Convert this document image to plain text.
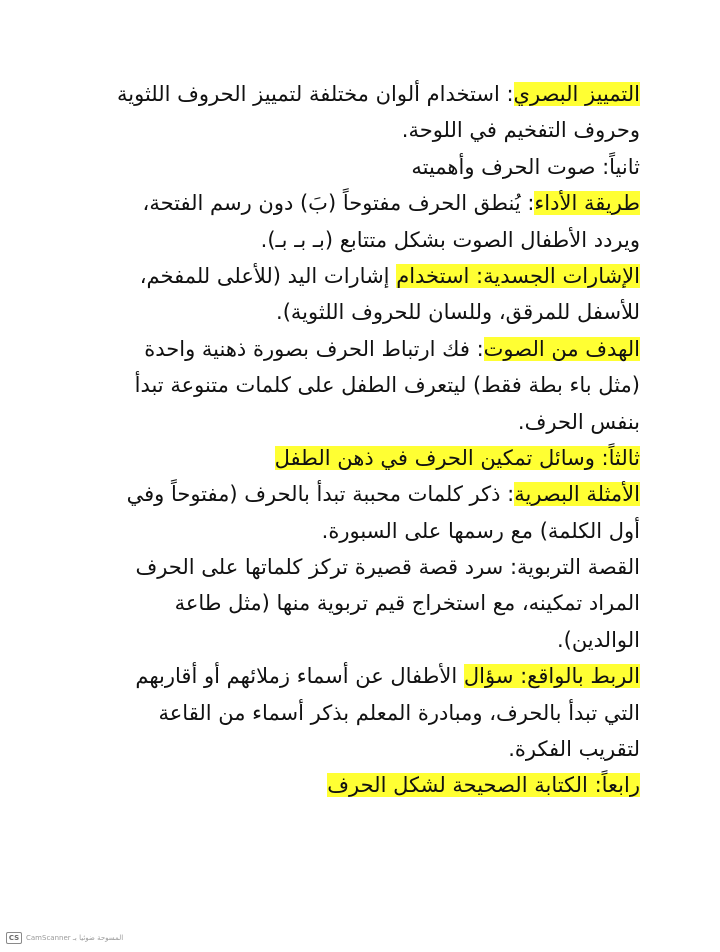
التمييز البصري: استخدام ألوان مختلفة لتمييز الحروف اللثوية
وحروف التفخيم في اللوحة.
ثانياً: صوت الحرف وأهميته
طريقة الأداء: يُنطق الحرف مفتوحاً (بَ) دون رسم الفتحة،
ويردد الأطفال الصوت بشكل متتابع (بـ بـ بـ).
الإشارات الجسدية: استخدام إشارات اليد (للأعلى للمفخم،
للأسفل للمرقق، وللسان للحروف اللثوية).
الهدف من الصوت: فك ارتباط الحرف بصورة ذهنية واحدة
(مثل باء بطة فقط) ليتعرف الطفل على كلمات متنوعة تبدأ
بنفس الحرف.
ثالثاً: وسائل تمكين الحرف في ذهن الطفل
الأمثلة البصرية: ذكر كلمات محببة تبدأ بالحرف (مفتوحاً وفي
أول الكلمة) مع رسمها على السبورة.
القصة التربوية: سرد قصة قصيرة تركز كلماتها على الحرف
المراد تمكينه، مع استخراج قيم تربوية منها (مثل طاعة
الوالدين).
الربط بالواقع: سؤال الأطفال عن أسماء زملائهم أو أقاربهم
التي تبدأ بالحرف، ومبادرة المعلم بذكر أسماء من القاعة
لتقريب الفكرة.
رابعاً: الكتابة الصحيحة لشكل الحرف
CS CamScanner المسوحة ضوئيا بـ
